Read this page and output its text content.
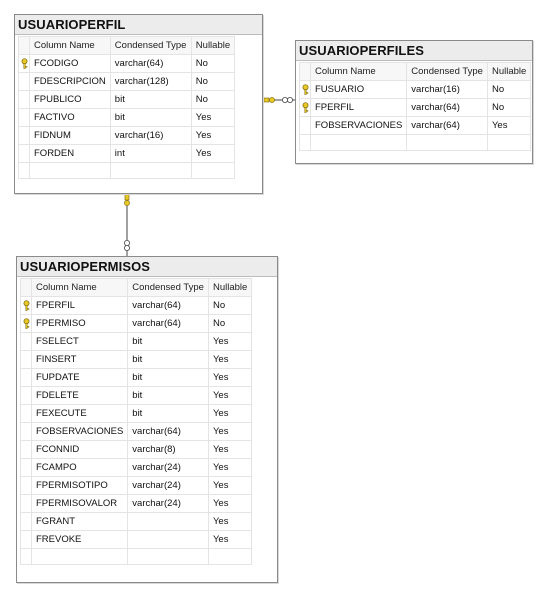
USUARIOPERFIL
	Column Name	Condensed Type	Nullable
	FCODIGO	varchar(64)	No
	FDESCRIPCION	varchar(128)	No
	FPUBLICO	bit	No
	FACTIVO	bit	Yes
	FIDNUM	varchar(16)	Yes
	FORDEN	int	Yes

USUARIOPERFILES
	Column Name	Condensed Type	Nullable
	FUSUARIO	varchar(16)	No
	FPERFIL	varchar(64)	No
	FOBSERVACIONES	varchar(64)	Yes

USUARIOPERMISOS
	Column Name	Condensed Type	Nullable
	FPERFIL	varchar(64)	No
	FPERMISO	varchar(64)	No
	FSELECT	bit	Yes
	FINSERT	bit	Yes
	FUPDATE	bit	Yes
	FDELETE	bit	Yes
	FEXECUTE	bit	Yes
	FOBSERVACIONES	varchar(64)	Yes
	FCONNID	varchar(8)	Yes
	FCAMPO	varchar(24)	Yes
	FPERMISOTIPO	varchar(24)	Yes
	FPERMISOVALOR	varchar(24)	Yes
	FGRANT		Yes
	FREVOKE		Yes
